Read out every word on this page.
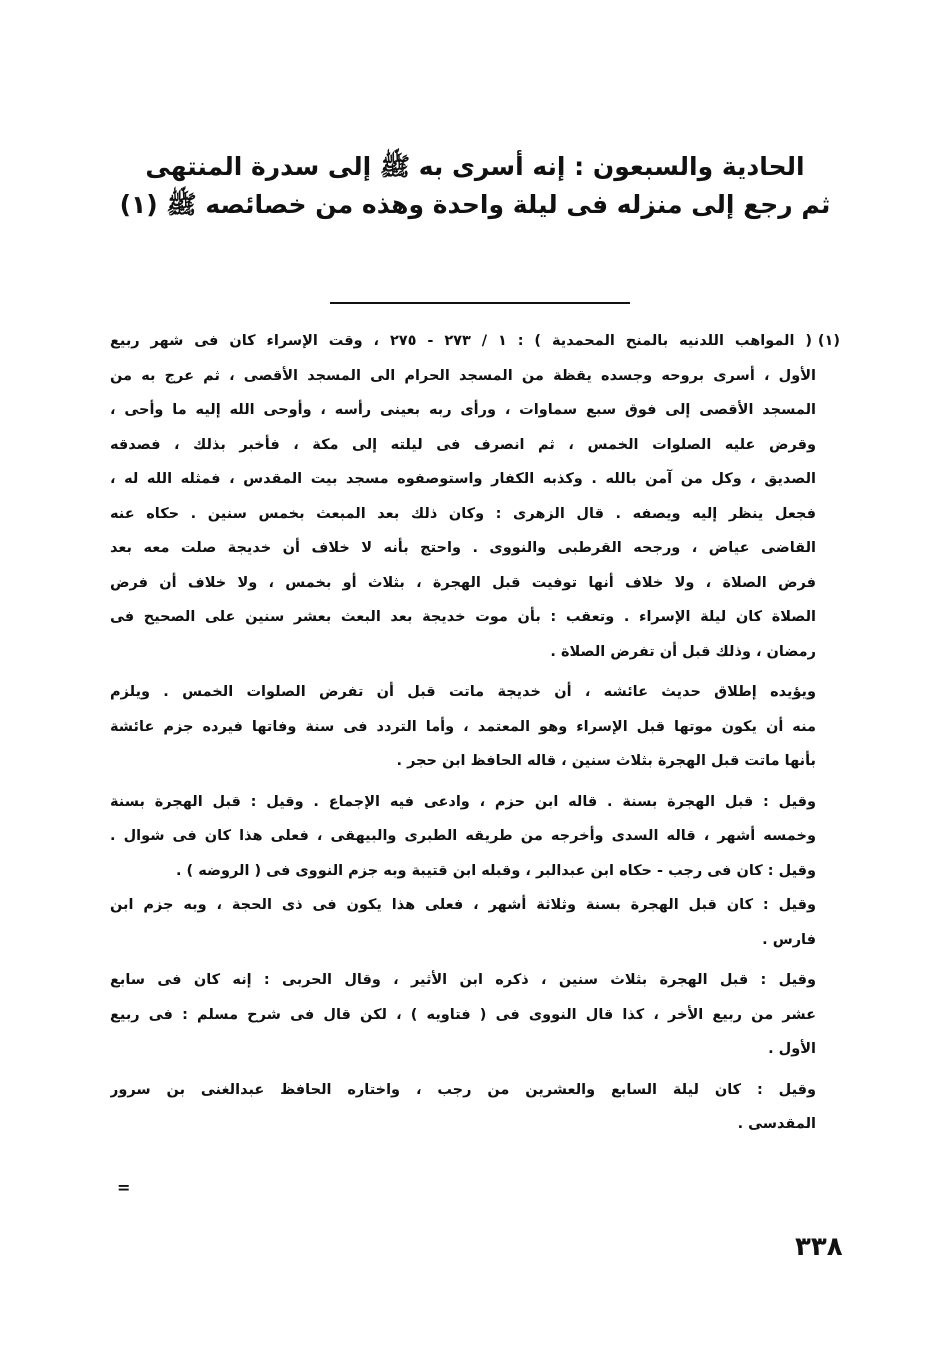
الحادية والسبعون : إنه أسرى به ﷺ إلى سدرة المنتهى
ثم رجع إلى منزله فى ليلة واحدة وهذه من خصائصه ﷺ (١)
(١)( المواهب اللدنيه بالمنح المحمدية ) : ١ / ٢٧٣ - ٢٧٥ ، وقت الإسراء كان فى شهر ربيع
الأول ، أسرى بروحه وجسده يقظة من المسجد الحرام الى المسجد الأقصى ، ثم عرج به من
المسجد الأقصى إلى فوق سبع سماوات ، ورأى ربه بعينى رأسه ، وأوحى الله إليه ما وأحى ،
وقرض عليه الصلوات الخمس ، ثم انصرف فى ليلته إلى مكة ، فأخبر بذلك ، فصدقه
الصديق ، وكل من آمن بالله . وكذبه الكفار واستوصفوه مسجد بيت المقدس ، فمثله الله له ،
فجعل ينظر إليه ويصفه . قال الزهرى : وكان ذلك بعد المبعث بخمس سنين . حكاه عنه
القاضى عياض ، ورجحه القرطبى والنووى . واحتج بأنه لا خلاف أن خديجة صلت معه بعد
فرض الصلاة ، ولا خلاف أنها توفيت قبل الهجرة ، بثلاث أو بخمس ، ولا خلاف أن فرض
الصلاة كان ليلة الإسراء . وتعقب : بأن موت خديجة بعد البعث بعشر سنين على الصحيح فى
رمضان ، وذلك قبل أن تفرض الصلاة .
ويؤيده إطلاق حديث عائشه ، أن خديجة ماتت قبل أن تفرض الصلوات الخمس . ويلزم
منه أن يكون موتها قبل الإسراء وهو المعتمد ، وأما التردد فى سنة وفاتها فيرده جزم عائشة
بأنها ماتت قبل الهجرة بثلاث سنين ، قاله الحافظ ابن حجر .
وقيل : قبل الهجرة بسنة . قاله ابن حزم ، وادعى فيه الإجماع . وقيل : قبل الهجرة بسنة
وخمسه أشهر ، قاله السدى وأخرجه من طريقه الطبرى والبيهقى ، فعلى هذا كان فى شوال .
وقيل : كان فى رجب - حكاه ابن عبدالبر ، وقبله ابن قتيبة وبه جزم النووى فى ( الروضه ) .
وقيل : كان قبل الهجرة بسنة وثلاثة أشهر ، فعلى هذا يكون فى ذى الحجة ، وبه جزم ابن
فارس .
وقيل : قبل الهجرة بثلاث سنين ، ذكره ابن الأثير ، وقال الحربى : إنه كان فى سابع
عشر من ربيع الأخر ، كذا قال النووى فى ( فتاويه ) ، لكن قال فى شرح مسلم : فى ربيع
الأول .
وقيل : كان ليلة السابع والعشرين من رجب ، واختاره الحافظ عبدالغنى بن سرور
المقدسى .
=
٣٣٨
